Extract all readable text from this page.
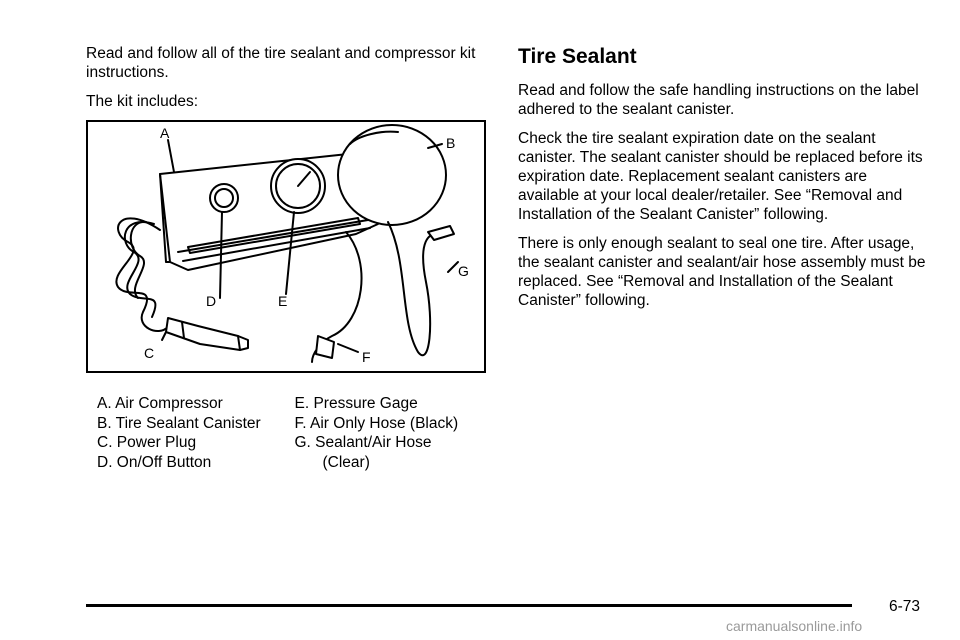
Read and follow all of the tire sealant and compressor kit instructions.

The kit includes:

A
B
C
D	E
F
G
A. Air Compressor
B. Tire Sealant Canister
C. Power Plug
D. On/Off Button
E. Pressure Gage
F. Air Only Hose (Black)
G. Sealant/Air Hose
(Clear)
Tire Sealant

Read and follow the safe handling instructions on the label adhered to the sealant canister.

Check the tire sealant expiration date on the sealant canister. The sealant canister should be replaced before its expiration date. Replacement sealant canisters are available at your local dealer/retailer. See “Removal and Installation of the Sealant Canister” following.

There is only enough sealant to seal one tire. After usage, the sealant canister and sealant/air hose assembly must be replaced. See “Removal and Installation of the Sealant Canister” following.

6-73
carmanualsonline.info
